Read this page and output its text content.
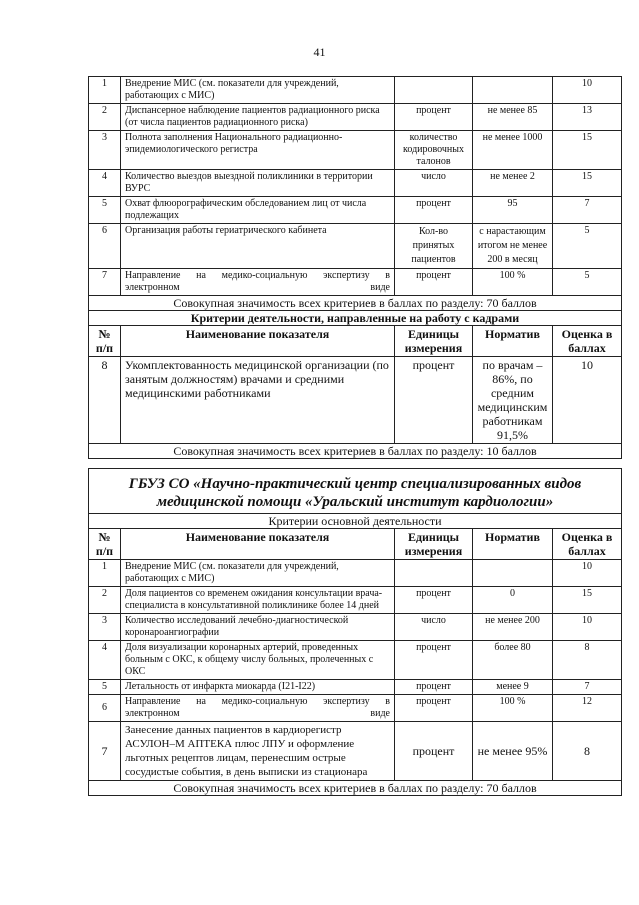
41
1	Внедрение МИС (см. показатели для учреждений, работающих с МИС)			10
2	Диспансерное наблюдение пациентов радиационного риска (от числа пациентов радиационного риска)	процент	не менее 85	13
3	Полнота заполнения Национального радиационно-эпидемиологического регистра	количество кодировочных талонов	не менее 1000	15
4	Количество выездов выездной поликлиники в территории ВУРС	число	не менее 2	15
5	Охват флюорографическим обследованием лиц от числа подлежащих	процент	95	7
6	Организация работы гериатрического кабинета	Кол-во принятых пациентов	с нарастающим итогом не менее 200 в месяц	5
7	Направление на медико-социальную экспертизу в электронном виде	процент	100 %	5
Совокупная значимость всех критериев в баллах по разделу: 70 баллов				
Критерии деятельности, направленные на работу с кадрами				
№ п/п	Наименование показателя	Единицы измерения	Норматив	Оценка в баллах
8	Укомплектованность медицинской организации (по занятым должностям) врачами и средними медицинскими работниками	процент	по врачам – 86%, по средним медицинским работникам 91,5%	10
Совокупная значимость всех критериев в баллах по разделу: 10 баллов				
ГБУЗ СО «Научно-практический центр специализированных видов медицинской помощи «Уральский институт кардиологии»				
Критерии основной деятельности				
№ п/п	Наименование показателя	Единицы измерения	Норматив	Оценка в баллах
1	Внедрение МИС (см. показатели для учреждений, работающих с МИС)			10
2	Доля пациентов со временем ожидания консультации врача-специалиста в консультативной поликлинике более 14 дней	процент	0	15
3	Количество исследований лечебно-диагностической коронароангиографии	число	не менее 200	10
4	Доля визуализации коронарных артерий, проведенных больным с ОКС, к общему числу больных, пролеченных с ОКС	процент	более 80	8
5	Летальность от инфаркта миокарда (I21-I22)	процент	менее 9	7
6	Направление на медико-социальную экспертизу в электронном виде	процент	100 %	12
7	Занесение данных пациентов в кардиорегистр АСУЛОН–М АПТЕКА плюс ЛПУ и оформление льготных рецептов лицам, перенесшим острые сосудистые события, в день выписки из стационара	процент	не менее 95%	8
Совокупная значимость всех критериев в баллах по разделу: 70 баллов				
